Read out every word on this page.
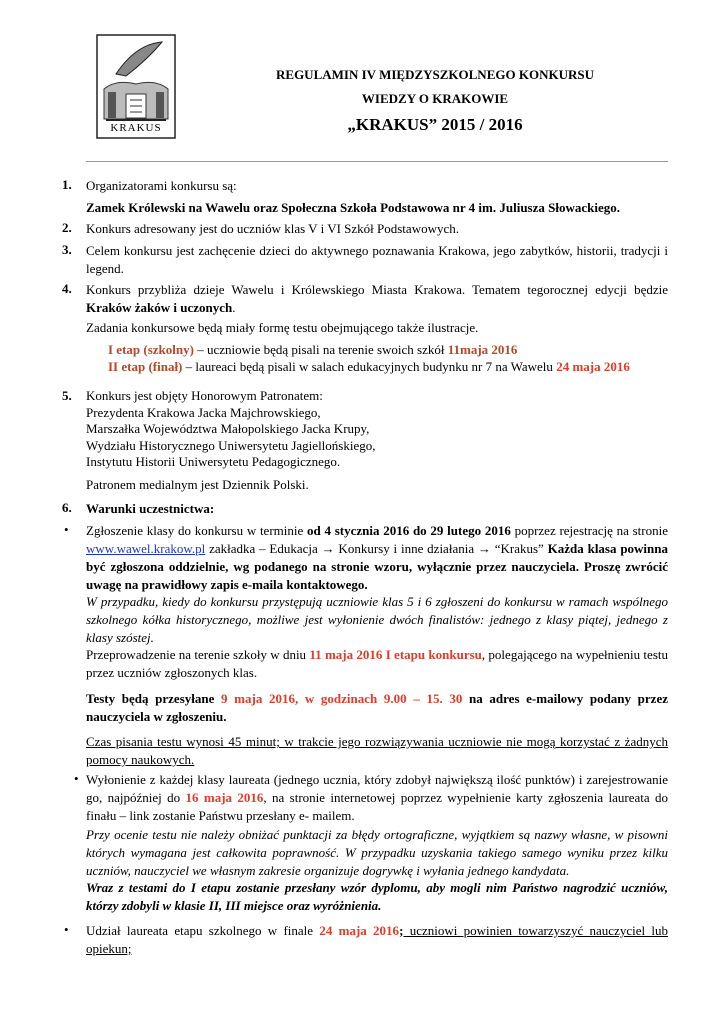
KRAKUS
REGULAMIN IV MIĘDZYSZKOLNEGO KONKURSU
WIEDZY O KRAKOWIE
„KRAKUS” 2015 / 2016
1. Organizatorami konkursu są:
Zamek Królewski na Wawelu oraz Społeczna Szkoła Podstawowa nr 4 im. Juliusza Słowackiego.
2. Konkurs adresowany jest do uczniów klas V i VI Szkół Podstawowych.
3. Celem konkursu jest zachęcenie dzieci do aktywnego poznawania Krakowa, jego zabytków, historii, tradycji i legend.
4. Konkurs przybliża dzieje Wawelu i Królewskiego Miasta Krakowa. Tematem tegorocznej edycji będzie Kraków żaków i uczonych.
Zadania konkursowe będą miały formę testu obejmującego także ilustracje.
I etap (szkolny) – uczniowie będą pisali na terenie swoich szkół 11maja 2016
II etap (finał) – laureaci będą pisali w salach edukacyjnych budynku nr 7 na Wawelu 24 maja 2016
5. Konkurs jest objęty Honorowym Patronatem:
Prezydenta Krakowa Jacka Majchrowskiego,
Marszałka Województwa Małopolskiego Jacka Krupy,
Wydziału Historycznego Uniwersytetu Jagiellońskiego,
Instytutu Historii Uniwersytetu Pedagogicznego.
Patronem medialnym jest Dziennik Polski.
6. Warunki uczestnictwa:
• Zgłoszenie klasy do konkursu w terminie od 4 stycznia 2016 do 29 lutego 2016 poprzez rejestrację na stronie www.wawel.krakow.pl zakładka – Edukacja → Konkursy i inne działania → “Krakus” Każda klasa powinna być zgłoszona oddzielnie, wg podanego na stronie wzoru, wyłącznie przez nauczyciela. Proszę zwrócić uwagę na prawidłowy zapis e-maila kontaktowego.
W przypadku, kiedy do konkursu przystępują uczniowie klas 5 i 6 zgłoszeni do konkursu w ramach wspólnego szkolnego kółka historycznego, możliwe jest wyłonienie dwóch finalistów: jednego z klasy piątej, jednego z klasy szóstej.
Przeprowadzenie na terenie szkoły w dniu 11 maja 2016 I etapu konkursu, polegającego na wypełnieniu testu przez uczniów zgłoszonych klas.
Testy będą przesyłane 9 maja 2016, w godzinach 9.00 – 15. 30 na adres e-mailowy podany przez nauczyciela w zgłoszeniu.
Czas pisania testu wynosi 45 minut; w trakcie jego rozwiązywania uczniowie nie mogą korzystać z żadnych pomocy naukowych.
• Wyłonienie z każdej klasy laureata (jednego ucznia, który zdobył największą ilość punktów) i zarejestrowanie go, najpóźniej do 16 maja 2016, na stronie internetowej poprzez wypełnienie karty zgłoszenia laureata do finału – link zostanie Państwu przesłany e- mailem.
Przy ocenie testu nie należy obniżać punktacji za błędy ortograficzne, wyjątkiem są nazwy własne, w pisowni których wymagana jest całkowita poprawność. W przypadku uzyskania takiego samego wyniku przez kilku uczniów, nauczyciel we własnym zakresie organizuje dogrywkę i wyłania jednego kandydata.
Wraz z testami do I etapu zostanie przesłany wzór dyplomu, aby mogli nim Państwo nagrodzić uczniów, którzy zdobyli w klasie II, III miejsce oraz wyróżnienia.
• Udział laureata etapu szkolnego w finale 24 maja 2016; uczniowi powinien towarzyszyć nauczyciel lub opiekun;
